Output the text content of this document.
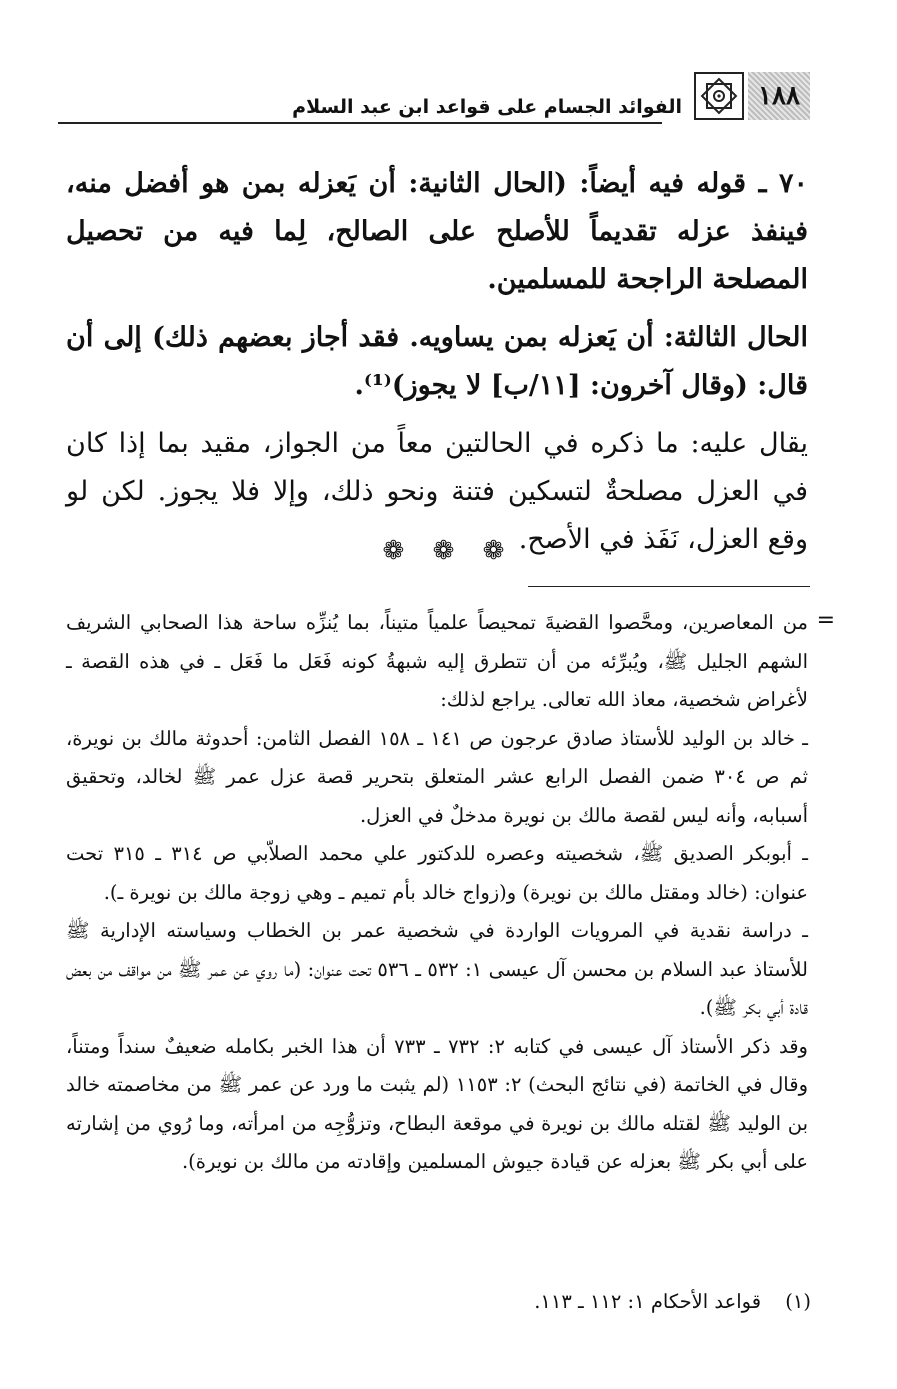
١٨٨
الفوائد الجسام على قواعد ابن عبد السلام

٧٠ ـ قوله فيه أيضاً: (الحال الثانية: أن يَعزله بمن هو أفضل منه، فينفذ عزله تقديماً للأصلح على الصالح، لِما فيه من تحصيل المصلحة الراجحة للمسلمين.

الحال الثالثة: أن يَعزله بمن يساويه. فقد أجاز بعضهم ذلك) إلى أن قال: (وقال آخرون: [١١/ب] لا يجوز)⁽¹⁾.

يقال عليه: ما ذكره في الحالتين معاً من الجواز، مقيد بما إذا كان في العزل مصلحةٌ لتسكين فتنة ونحو ذلك، وإلا فلا يجوز. لكن لو وقع العزل، نَفَذ في الأصح.

❁ ❁ ❁
=

من المعاصرين، ومحَّصوا القضيةَ تمحيصاً علمياً متيناً، بما يُنزِّه ساحة هذا الصحابي الشريف الشهم الجليل ﷺ، ويُبرِّئه من أن تتطرق إليه شبهةُ كونه فَعَل ما فَعَل ـ في هذه القصة ـ لأغراض شخصية، معاذ الله تعالى. يراجع لذلك:

ـ خالد بن الوليد للأستاذ صادق عرجون ص ١٤١ ـ ١٥٨ الفصل الثامن: أحدوثة مالك بن نويرة، ثم ص ٣٠٤ ضمن الفصل الرابع عشر المتعلق بتحرير قصة عزل عمر ﷺ لخالد، وتحقيق أسبابه، وأنه ليس لقصة مالك بن نويرة مدخلٌ في العزل.

ـ أبوبكر الصديق ﷺ، شخصيته وعصره للدكتور علي محمد الصلاّبي ص ٣١٤ ـ ٣١٥ تحت عنوان: (خالد ومقتل مالك بن نويرة) و(زواج خالد بأم تميم ـ وهي زوجة مالك بن نويرة ـ).

ـ دراسة نقدية في المرويات الواردة في شخصية عمر بن الخطاب وسياسته الإدارية ﷺ للأستاذ عبد السلام بن محسن آل عيسى ١: ٥٣٢ ـ ٥٣٦ تحت عنوان: (ما روي عن عمر ﷺ من مواقف من بعض قادة أبي بكر ﷺ).

وقد ذكر الأستاذ آل عيسى في كتابه ٢: ٧٣٢ ـ ٧٣٣ أن هذا الخبر بكامله ضعيفٌ سنداً ومتناً، وقال في الخاتمة (في نتائج البحث) ٢: ١١٥٣ (لم يثبت ما ورد عن عمر ﷺ من مخاصمته خالد بن الوليد ﷺ لقتله مالك بن نويرة في موقعة البطاح، وتزوُّجِه من امرأته، وما رُوي من إشارته على أبي بكر ﷺ بعزله عن قيادة جيوش المسلمين وإقادته من مالك بن نويرة).

(١) قواعد الأحكام ١: ١١٢ ـ ١١٣.
